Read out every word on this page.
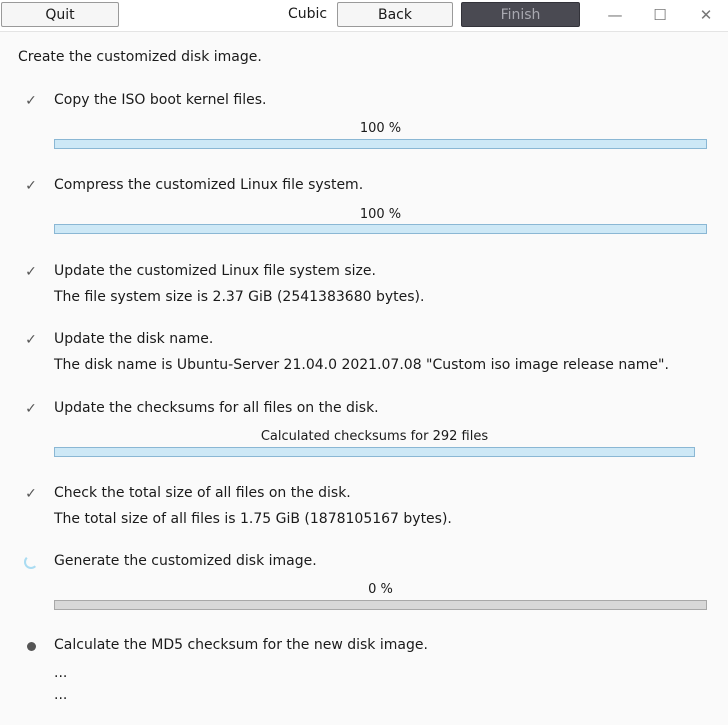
Quit	Cubic	Back	Finish	—	☐	✕
Create the customized disk image.
✓ Copy the ISO boot kernel files.
100 %
✓ Compress the customized Linux file system.
100 %
✓ Update the customized Linux file system size.
The file system size is 2.37 GiB (2541383680 bytes).
✓ Update the disk name.
The disk name is Ubuntu-Server 21.04.0 2021.07.08 "Custom iso image release name".
✓ Update the checksums for all files on the disk.
Calculated checksums for 292 files
✓ Check the total size of all files on the disk.
The total size of all files is 1.75 GiB (1878105167 bytes).
Generate the customized disk image.
0 %
Calculate the MD5 checksum for the new disk image.
...
...
